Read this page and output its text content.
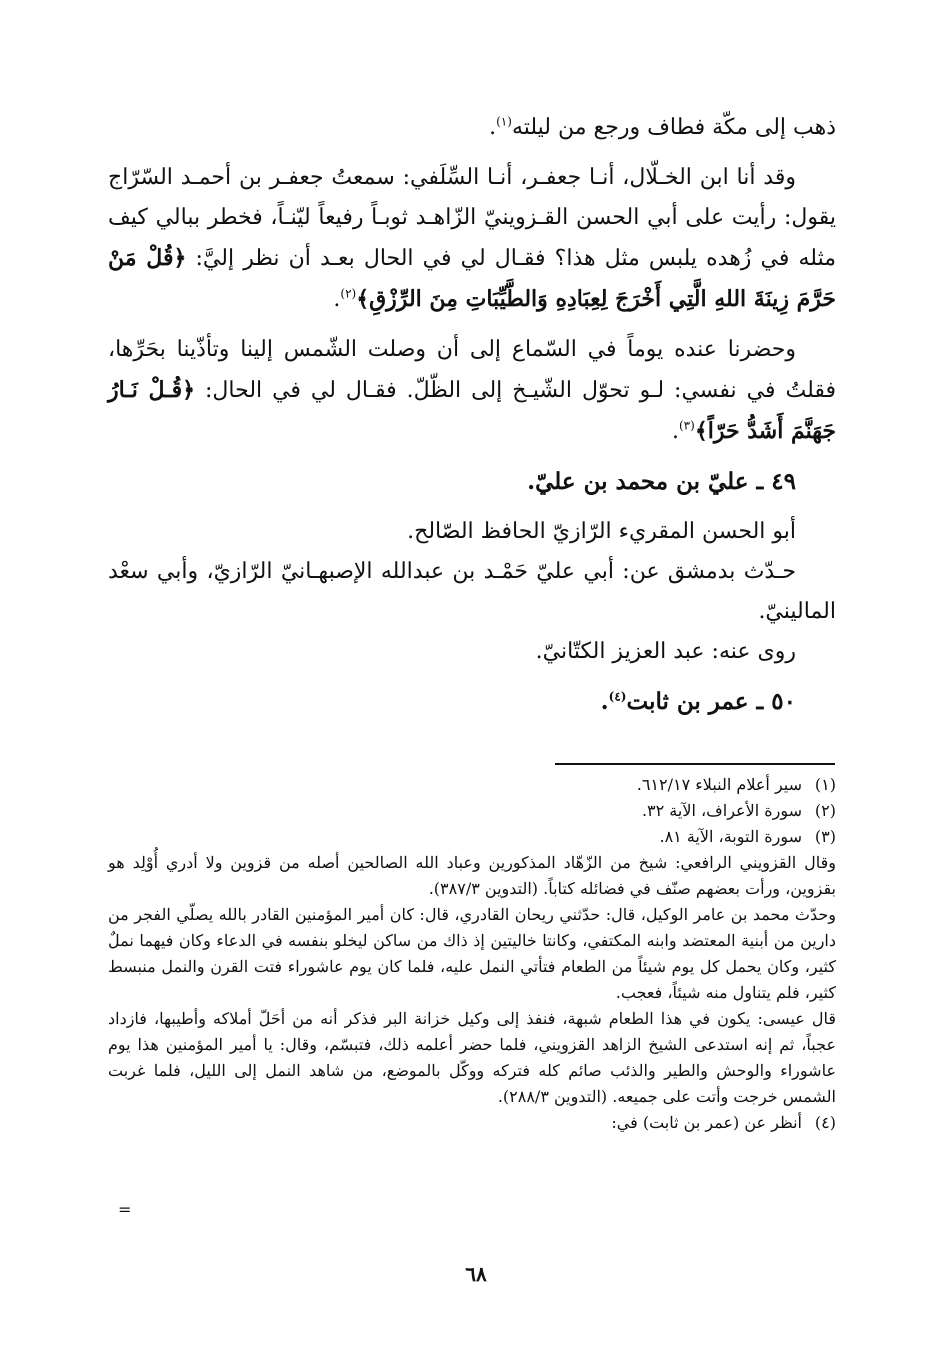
ذهب إلى مكّة فطاف ورجع من ليلته$^{(١)}$.

وقد أنا ابن الخـلّال، أنـا جعفـر، أنـا السِّلَفي: سمعتُ جعفـر بن أحمـد السّرّاج يقول: رأيت على أبي الحسن القـزوينيّ الزّاهـد ثوبـاً رفيعاً ليّنـاً، فخطر ببالي كيف مثله في زُهده يلبس مثل هذا؟ فقـال لي في الحال بعـد أن نظر إليَّ: ﴿قُلْ مَنْ حَرَّمَ زِينَةَ اللهِ الَّتِي أَخْرَجَ لِعِبَادِهِ وَالطَّيِّبَاتِ مِنَ الرِّزْقِ﴾$^{(٢)}$.

وحضرنا عنده يوماً في السّماع إلى أن وصلت الشّمس إلينا وتأذّينا بحَرِّها، فقلتُ في نفسي: لـو تحوّل الشّيـخ إلى الظّلّ. فقـال لي في الحال: ﴿قُـلْ نَـارُ جَهَنَّمَ أَشَدُّ حَرّاً﴾$^{(٣)}$.

٤٩ ـ عليّ بن محمد بن عليّ.

أبو الحسن المقريء الرّازيّ الحافظ الصّالح.
حـدّث بدمشق عن: أبي عليّ حَمْـد بن عبدالله الإصبهـانيّ الرّازيّ، وأبي سعْد المالينيّ.

روى عنه: عبد العزيز الكتّانيّ.

٥٠ ـ عمر بن ثابت$^{(٤)}$.

(١)
سير أعلام النبلاء ٦١٢/١٧.
(٢)
سورة الأعراف، الآية ٣٢.
(٣)
سورة التوبة، الآية ٨١.

وقال القزويني الرافعي: شيخ من الزّهّاد المذكورين وعباد الله الصالحين أصله من قزوين ولا أدري أُوْلِد هو بقزوين، ورأت بعضهم صنّف في فضائله كتاباً. (التدوين ٣٨٧/٣).

وحدّث محمد بن عامر الوكيل، قال: حدّثني ريحان القادري، قال: كان أمير المؤمنين القادر بالله يصلّي الفجر من دارين من أبنية المعتضد وابنه المكتفي، وكانتا خاليتين إذ ذاك من ساكن ليخلو بنفسه في الدعاء وكان فيهما نملٌ كثير، وكان يحمل كل يوم شيئاً من الطعام فتأتي النمل عليه، فلما كان يوم عاشوراء فتت القرن والنمل منبسط كثير، فلم يتناول منه شيئاً، فعجب.

قال عيسى: يكون في هذا الطعام شبهة، فنفذ إلى وكيل خزانة البر فذكر أنه من أحَلّ أملاكه وأطيبها، فازداد عجباً، ثم إنه استدعى الشيخ الزاهد القزويني، فلما حضر أعلمه ذلك، فتبسّم، وقال: يا أمير المؤمنين هذا يوم عاشوراء والوحش والطير والذئب صائم كله فتركه ووكّل بالموضع، من شاهد النمل إلى الليل، فلما غربت الشمس خرجت وأتت على جميعه. (التدوين ٢٨٨/٣).

(٤)
أنظر عن (عمر بن ثابت) في:
=
٦٨
